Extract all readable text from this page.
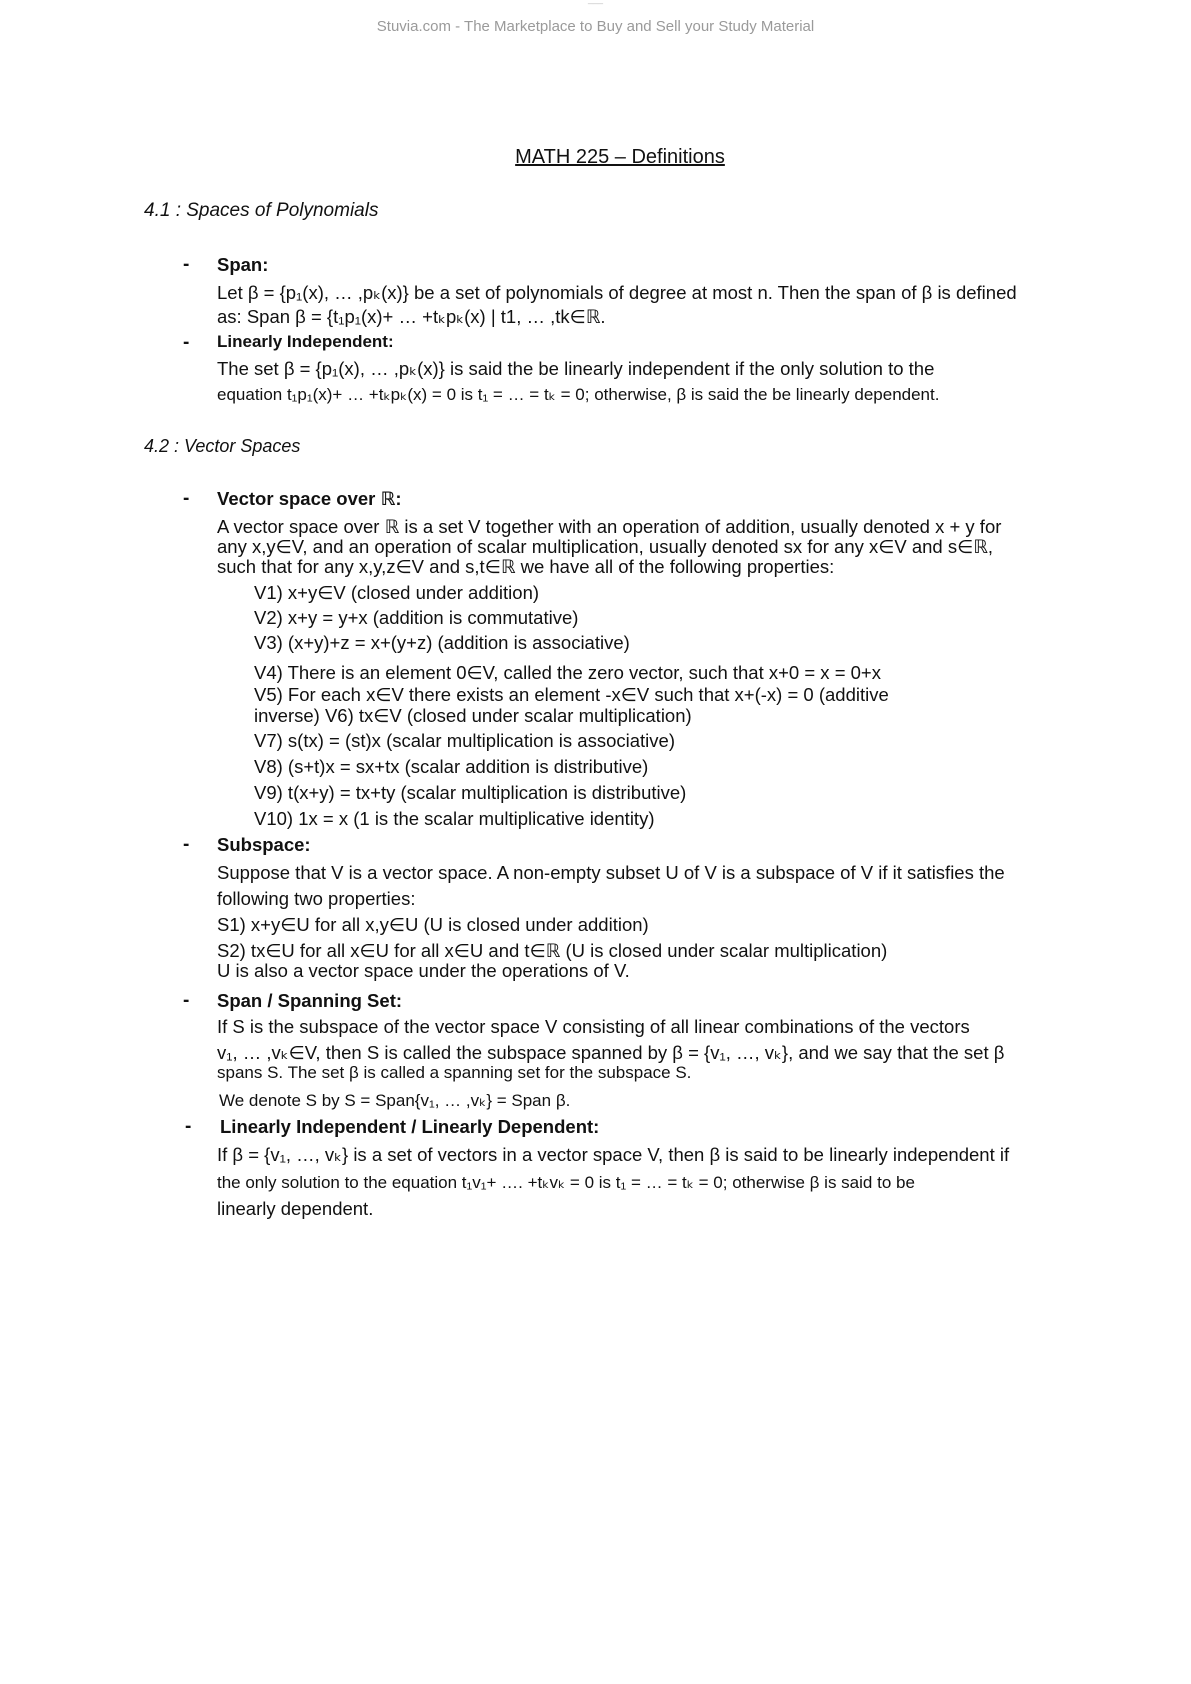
Stuvia.com - The Marketplace to Buy and Sell your Study Material
MATH 225 – Definitions
4.1 : Spaces of Polynomials
- Span:
Let β = {p₁(x), … ,pₖ(x)} be a set of polynomials of degree at most n. Then the span of β is defined
as: Span β = {t₁p₁(x)+ … +tₖpₖ(x) | t1, … ,tk∈ℝ.
- Linearly Independent:
The set β = {p₁(x), … ,pₖ(x)} is said the be linearly independent if the only solution to the
equation t₁p₁(x)+ … +tₖpₖ(x) = 0 is t₁ = … = tₖ = 0; otherwise, β is said the be linearly dependent.
4.2 : Vector Spaces
- Vector space over ℝ:
A vector space over ℝ is a set V together with an operation of addition, usually denoted x + y for
any x,y∈V, and an operation of scalar multiplication, usually denoted sx for any x∈V and s∈ℝ,
such that for any x,y,z∈V and s,t∈ℝ we have all of the following properties:
V1) x+y∈V (closed under addition)
V2) x+y = y+x (addition is commutative)
V3) (x+y)+z = x+(y+z) (addition is associative)
V4) There is an element 0∈V, called the zero vector, such that x+0 = x = 0+x
V5) For each x∈V there exists an element -x∈V such that x+(-x) = 0 (additive
inverse) V6) tx∈V (closed under scalar multiplication)
V7) s(tx) = (st)x (scalar multiplication is associative)
V8) (s+t)x = sx+tx (scalar addition is distributive)
V9) t(x+y) = tx+ty (scalar multiplication is distributive)
V10) 1x = x (1 is the scalar multiplicative identity)
- Subspace:
Suppose that V is a vector space. A non-empty subset U of V is a subspace of V if it satisfies the
following two properties:
S1) x+y∈U for all x,y∈U (U is closed under addition)
S2) tx∈U for all x∈U for all x∈U and t∈ℝ (U is closed under scalar multiplication)
U is also a vector space under the operations of V.
- Span / Spanning Set:
If S is the subspace of the vector space V consisting of all linear combinations of the vectors
v₁, … ,vₖ∈V, then S is called the subspace spanned by β = {v₁, …, vₖ}, and we say that the set β
spans S. The set β is called a spanning set for the subspace S.
We denote S by S = Span{v₁, … ,vₖ} = Span β.
- Linearly Independent / Linearly Dependent:
If β = {v₁, …, vₖ} is a set of vectors in a vector space V, then β is said to be linearly independent if
the only solution to the equation t₁v₁+ …. +tₖvₖ = 0 is t₁ = … = tₖ = 0; otherwise β is said to be
linearly dependent.
